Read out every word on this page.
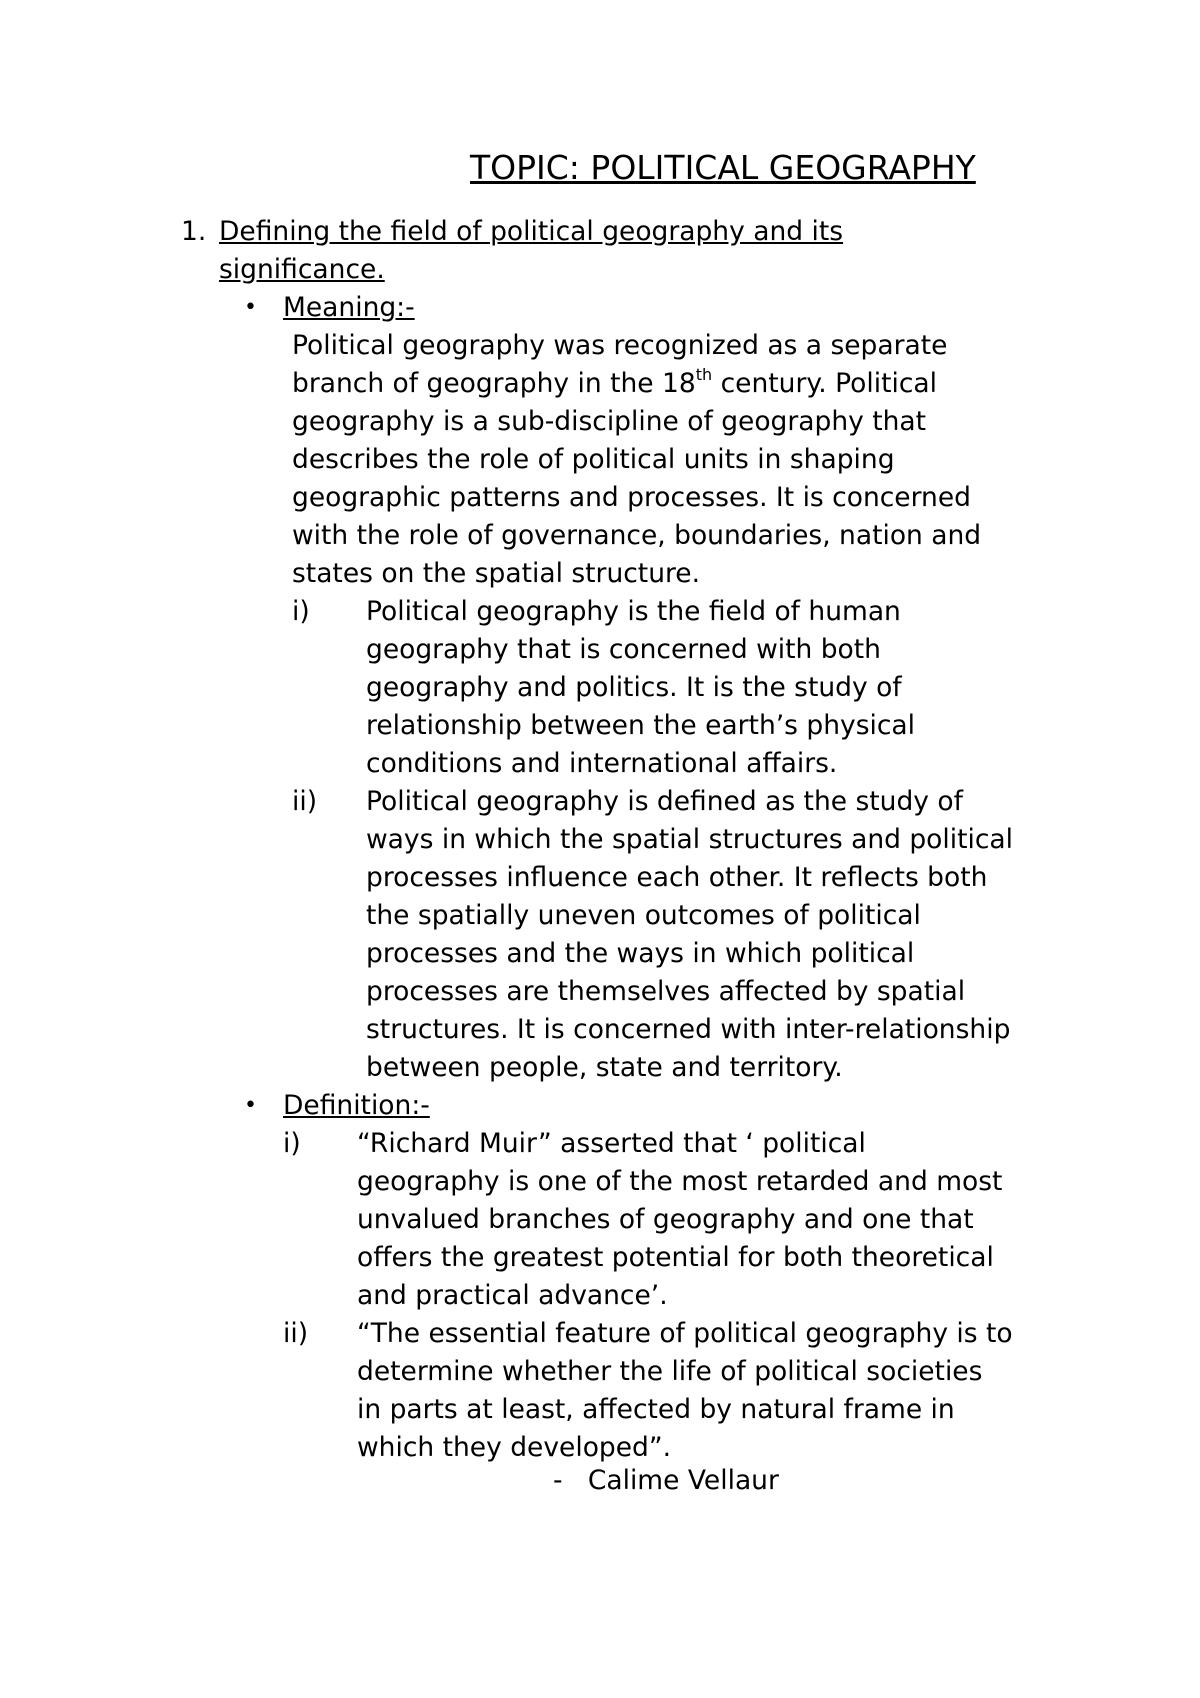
TOPIC: POLITICAL GEOGRAPHY
1. Defining the field of political geography and its significance.
• Meaning:-
Political geography was recognized as a separate
branch of geography in the 18th century. Political
geography is a sub-discipline of geography that
describes the role of political units in shaping
geographic patterns and processes. It is concerned
with the role of governance, boundaries, nation and
states on the spatial structure.
i) Political geography is the field of human
geography that is concerned with both
geography and politics. It is the study of
relationship between the earth’s physical
conditions and international affairs.
ii) Political geography is defined as the study of
ways in which the spatial structures and political
processes influence each other. It reflects both
the spatially uneven outcomes of political
processes and the ways in which political
processes are themselves affected by spatial
structures. It is concerned with inter-relationship
between people, state and territory.
• Definition:-
i) “Richard Muir” asserted that ‘ political
geography is one of the most retarded and most
unvalued branches of geography and one that
offers the greatest potential for both theoretical
and practical advance’.
ii) “The essential feature of political geography is to
determine whether the life of political societies
in parts at least, affected by natural frame in
which they developed”.
-   Calime Vellaur
